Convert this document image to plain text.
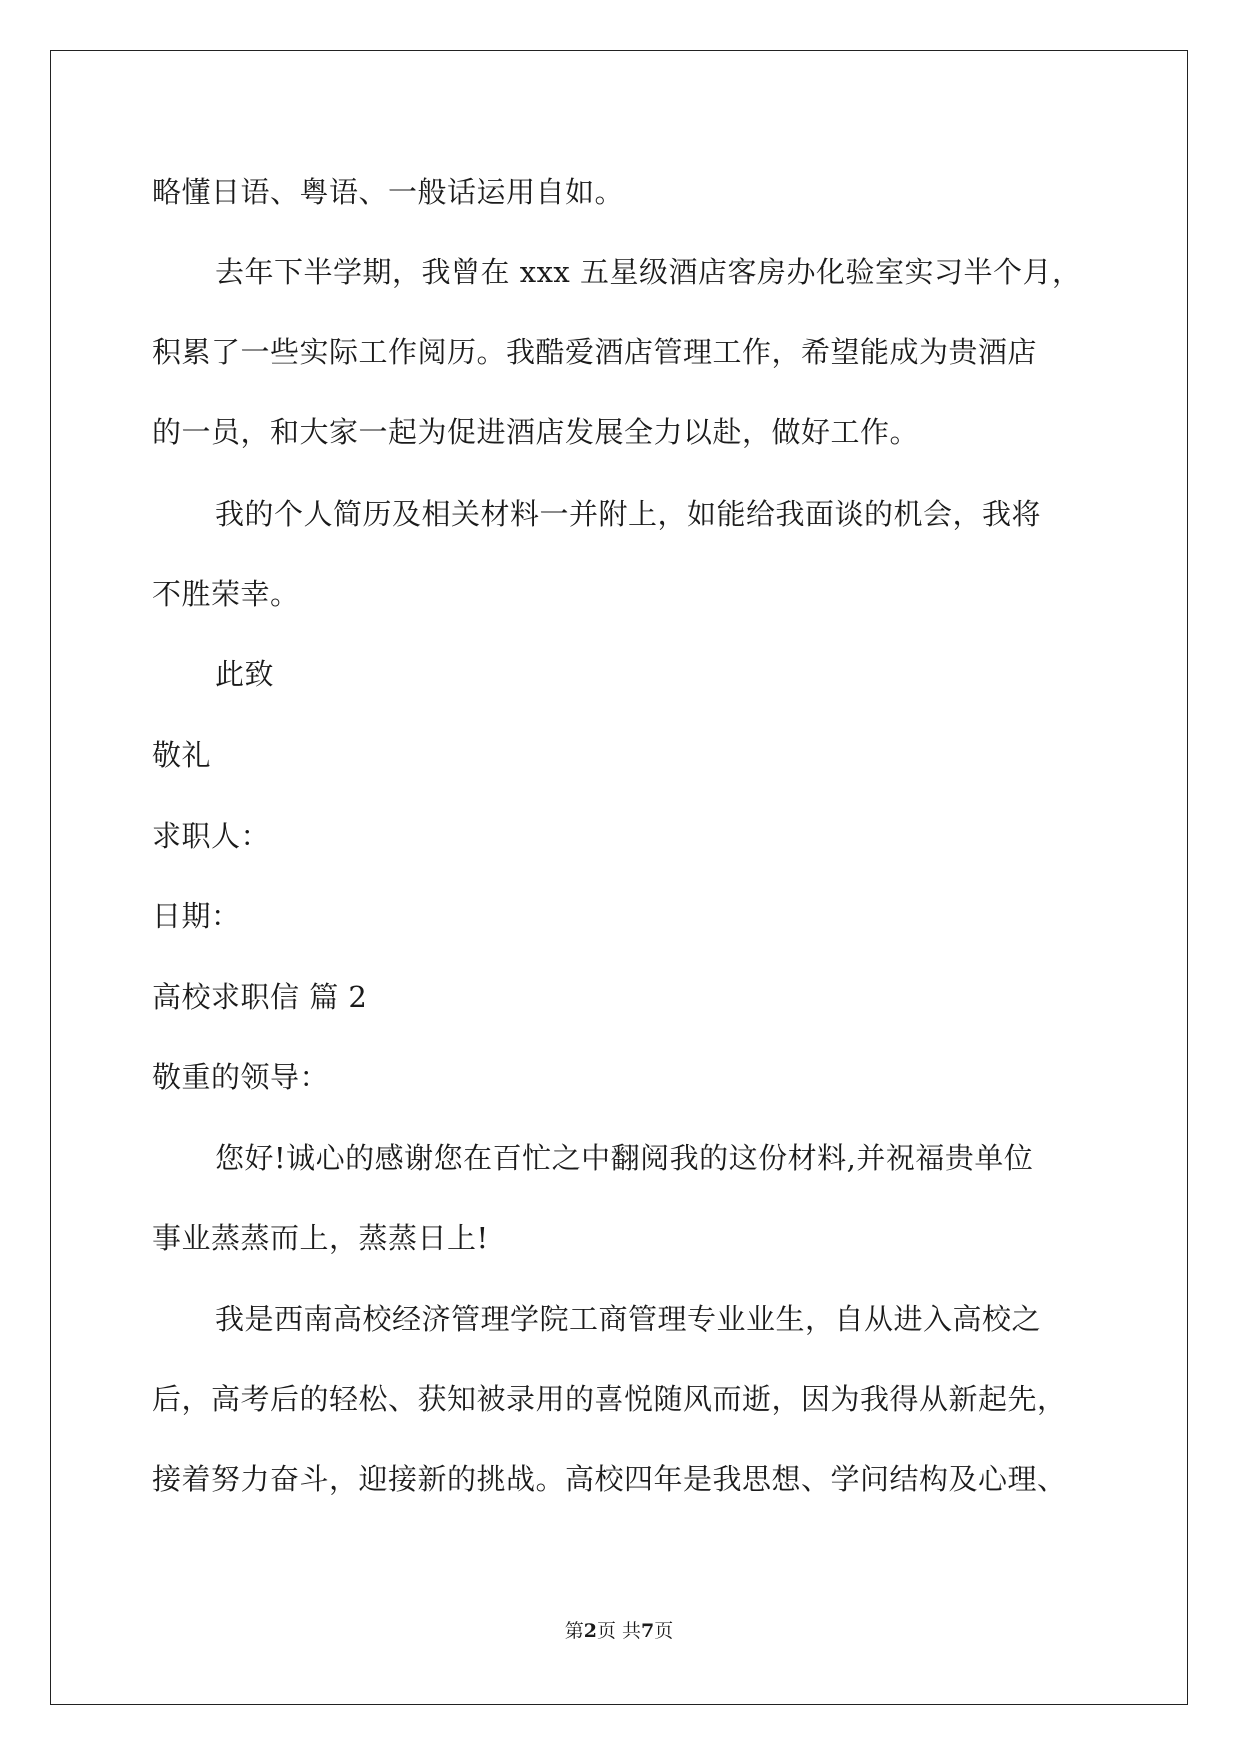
略懂日语、粤语、一般话运用自如。
去年下半学期，我曾在 xxx 五星级酒店客房办化验室实习半个月，
积累了一些实际工作阅历。我酷爱酒店管理工作，希望能成为贵酒店
的一员，和大家一起为促进酒店发展全力以赴，做好工作。
我的个人简历及相关材料一并附上，如能给我面谈的机会，我将
不胜荣幸。
此致
敬礼
求职人：
日期：
高校求职信 篇 2
敬重的领导：
您好!诚心的感谢您在百忙之中翻阅我的这份材料,并祝福贵单位
事业蒸蒸而上，蒸蒸日上!
我是西南高校经济管理学院工商管理专业业生，自从进入高校之
后，高考后的轻松、获知被录用的喜悦随风而逝，因为我得从新起先，
接着努力奋斗，迎接新的挑战。高校四年是我思想、学问结构及心理、
第2页 共7页
